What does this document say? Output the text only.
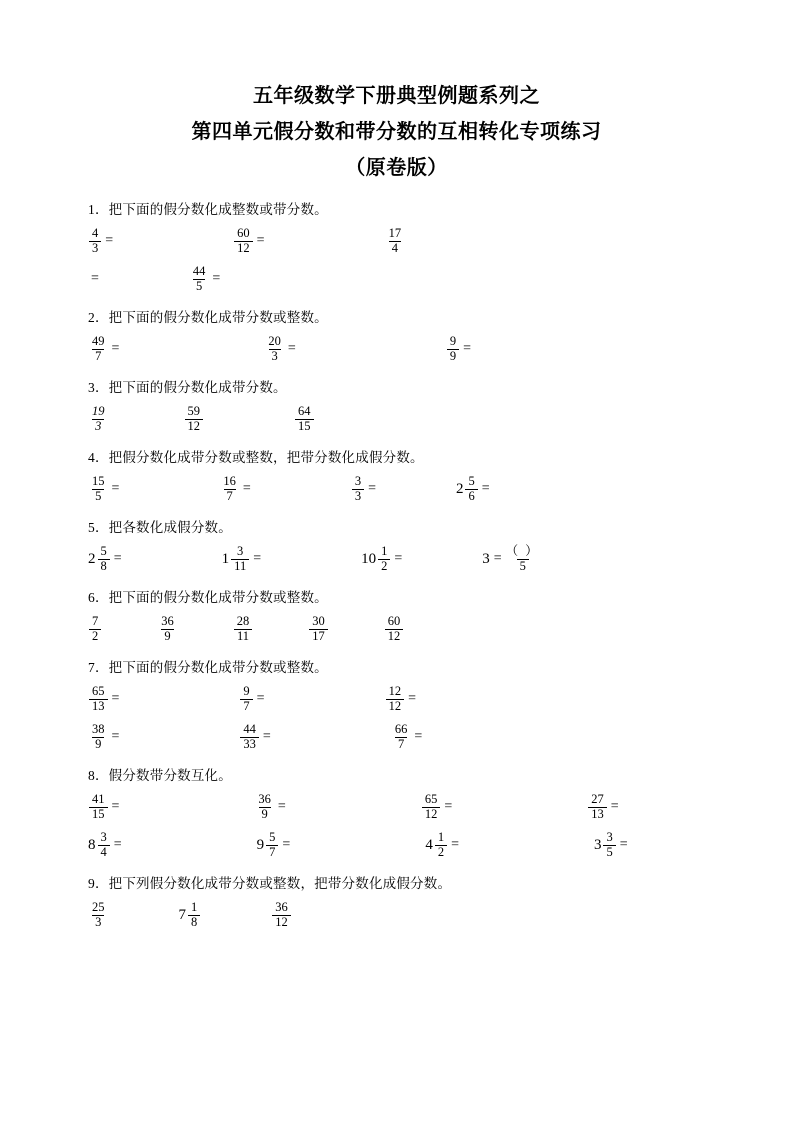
五年级数学下册典型例题系列之
第四单元假分数和带分数的互相转化专项练习
（原卷版）
1．把下面的假分数化成整数或带分数。
$\frac{4}{3}$ =	$\frac{60}{12}$ =	$\frac{17}{4}$
=	$\frac{44}{5}$ =
2．把下面的假分数化成带分数或整数。
$\frac{49}{7}$ =	$\frac{20}{3}$ =	$\frac{9}{9}$ =
3．把下面的假分数化成带分数。
$\frac{19}{3}$	$\frac{59}{12}$	$\frac{64}{15}$
4．把假分数化成带分数或整数，把带分数化成假分数。
$\frac{15}{5}$ =	$\frac{16}{7}$ =	$\frac{3}{3}$ =	$2 \frac{5}{6}$ =
5．把各数化成假分数。
$2 \frac{5}{8}$ =	$1 \frac{3}{11}$ =	$10 \frac{1}{2}$ =	$3 = \frac{( )}{5}$
6．把下面的假分数化成带分数或整数。
$\frac{7}{2}$	$\frac{36}{9}$	$\frac{28}{11}$	$\frac{30}{17}$	$\frac{60}{12}$
7．把下面的假分数化成带分数或整数。
$\frac{65}{13}$ =	$\frac{9}{7}$ =	$\frac{12}{12}$ =
$\frac{38}{9}$ =	$\frac{44}{33}$ =	$\frac{66}{7}$ =
8．假分数带分数互化。
$\frac{41}{15}$ =	$\frac{36}{9}$ =	$\frac{65}{12}$ =	$\frac{27}{13}$ =
$8 \frac{3}{4}$ =	$9 \frac{5}{7}$ =	$4 \frac{1}{2}$ =	$3 \frac{3}{5}$ =
9．把下列假分数化成带分数或整数，把带分数化成假分数。
$\frac{25}{3}$	$7 \frac{1}{8}$	$\frac{36}{12}$
